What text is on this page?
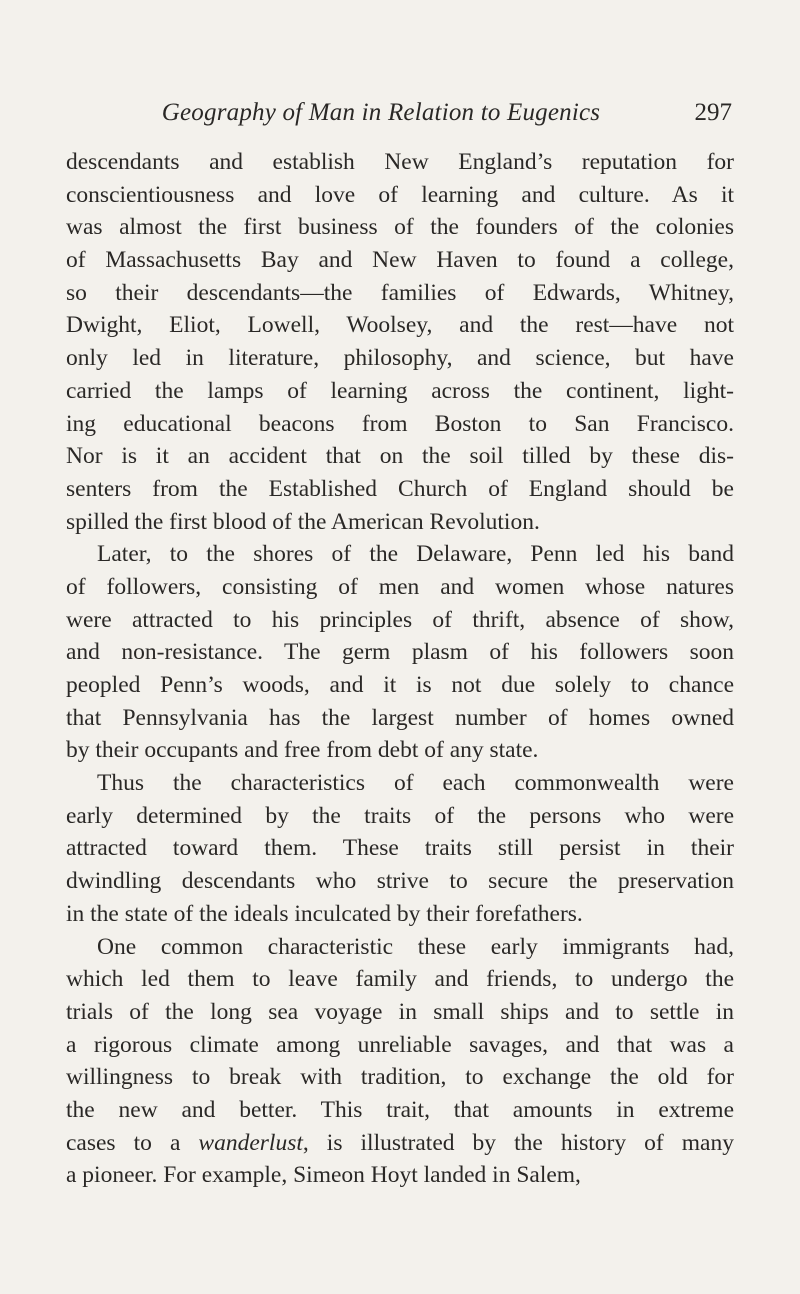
Geography of Man in Relation to Eugenics	297
descendants and establish New England’s reputation for
conscientiousness and love of learning and culture. As it
was almost the first business of the founders of the colonies
of Massachusetts Bay and New Haven to found a college,
so their descendants—the families of Edwards, Whitney,
Dwight, Eliot, Lowell, Woolsey, and the rest—have not
only led in literature, philosophy, and science, but have
carried the lamps of learning across the continent, light-
ing educational beacons from Boston to San Francisco.
Nor is it an accident that on the soil tilled by these dis-
senters from the Established Church of England should be
spilled the first blood of the American Revolution.
Later, to the shores of the Delaware, Penn led his band
of followers, consisting of men and women whose natures
were attracted to his principles of thrift, absence of show,
and non-resistance. The germ plasm of his followers soon
peopled Penn’s woods, and it is not due solely to chance
that Pennsylvania has the largest number of homes owned
by their occupants and free from debt of any state.
Thus the characteristics of each commonwealth were
early determined by the traits of the persons who were
attracted toward them. These traits still persist in their
dwindling descendants who strive to secure the preservation
in the state of the ideals inculcated by their forefathers.
One common characteristic these early immigrants had,
which led them to leave family and friends, to undergo the
trials of the long sea voyage in small ships and to settle in
a rigorous climate among unreliable savages, and that was a
willingness to break with tradition, to exchange the old for
the new and better. This trait, that amounts in extreme
cases to a wanderlust, is illustrated by the history of many
a pioneer. For example, Simeon Hoyt landed in Salem,
